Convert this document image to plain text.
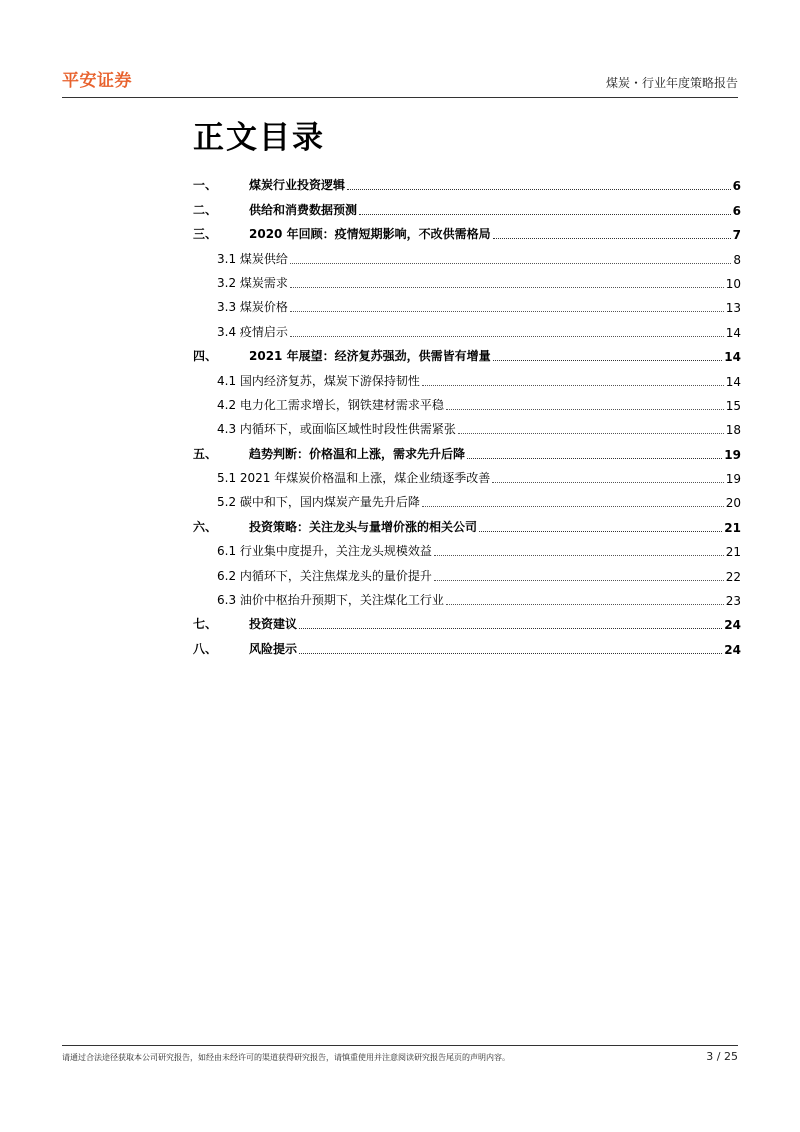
平安证券	煤炭・行业年度策略报告
正文目录
一、	煤炭行业投资逻辑	6
二、	供给和消费数据预测	6
三、	2020 年回顾：疫情短期影响，不改供需格局	7
3.1 煤炭供给	8
3.2 煤炭需求	10
3.3 煤炭价格	13
3.4 疫情启示	14
四、	2021 年展望：经济复苏强劲，供需皆有增量	14
4.1 国内经济复苏，煤炭下游保持韧性	14
4.2 电力化工需求增长，钢铁建材需求平稳	15
4.3 内循环下，或面临区域性时段性供需紧张	18
五、	趋势判断：价格温和上涨，需求先升后降	19
5.1 2021 年煤炭价格温和上涨，煤企业绩逐季改善	19
5.2 碳中和下，国内煤炭产量先升后降	20
六、	投资策略：关注龙头与量增价涨的相关公司	21
6.1 行业集中度提升，关注龙头规模效益	21
6.2 内循环下，关注焦煤龙头的量价提升	22
6.3 油价中枢抬升预期下，关注煤化工行业	23
七、	投资建议	24
八、	风险提示	24
请通过合法途径获取本公司研究报告，如经由未经许可的渠道获得研究报告，请慎重使用并注意阅读研究报告尾页的声明内容。	3 / 25
